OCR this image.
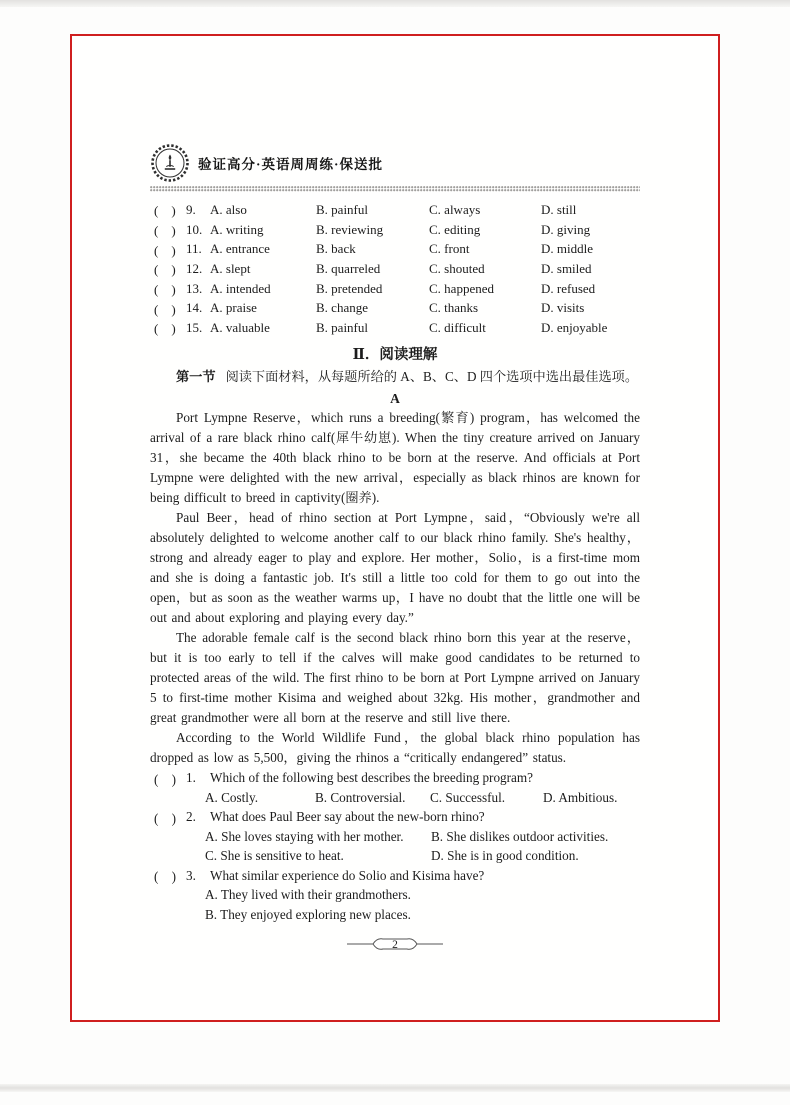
验证高分·英语周周练·保送批
(　) 9.	A. also	B. painful	C. always	D. still
(　) 10. A. writing	B. reviewing	C. editing	D. giving
(　) 11. A. entrance	B. back	C. front	D. middle
(　) 12. A. slept	B. quarreled	C. shouted	D. smiled
(　) 13. A. intended	B. pretended	C. happened	D. refused
(　) 14. A. praise	B. change	C. thanks	D. visits
(　) 15. A. valuable	B. painful	C. difficult	D. enjoyable
Ⅱ．阅读理解
第一节 阅读下面材料，从每题所给的 A、B、C、D 四个选项中选出最佳选项。
A

Port Lympne Reserve，which runs a breeding(繁育) program，has welcomed the arrival of a rare black rhino calf(犀牛幼崽). When the tiny creature arrived on January 31，she became the 40th black rhino to be born at the reserve. And officials at Port Lympne were delighted with the new arrival，especially as black rhinos are known for being difficult to breed in captivity(圈养).

Paul Beer，head of rhino section at Port Lympne，said，“Obviously we're all absolutely delighted to welcome another calf to our black rhino family. She's healthy，strong and already eager to play and explore. Her mother，Solio，is a first-time mom and she is doing a fantastic job. It's still a little too cold for them to go out into the open，but as soon as the weather warms up，I have no doubt that the little one will be out and about exploring and playing every day.”

The adorable female calf is the second black rhino born this year at the reserve，but it is too early to tell if the calves will make good candidates to be returned to protected areas of the wild. The first rhino to be born at Port Lympne arrived on January 5 to first-time mother Kisima and weighed about 32kg. His mother，grandmother and great grandmother were all born at the reserve and still live there.

According to the World Wildlife Fund，the global black rhino population has dropped as low as 5,500，giving the rhinos a “critically endangered” status.

(　) 1.	Which of the following best describes the breeding program?
A. Costly.	B. Controversial.	C. Successful.	D. Ambitious.
(　) 2.	What does Paul Beer say about the new-born rhino?
A. She loves staying with her mother.	B. She dislikes outdoor activities.
C. She is sensitive to heat.	D. She is in good condition.
(　) 3.	What similar experience do Solio and Kisima have?
A. They lived with their grandmothers.
B. They enjoyed exploring new places.
2
